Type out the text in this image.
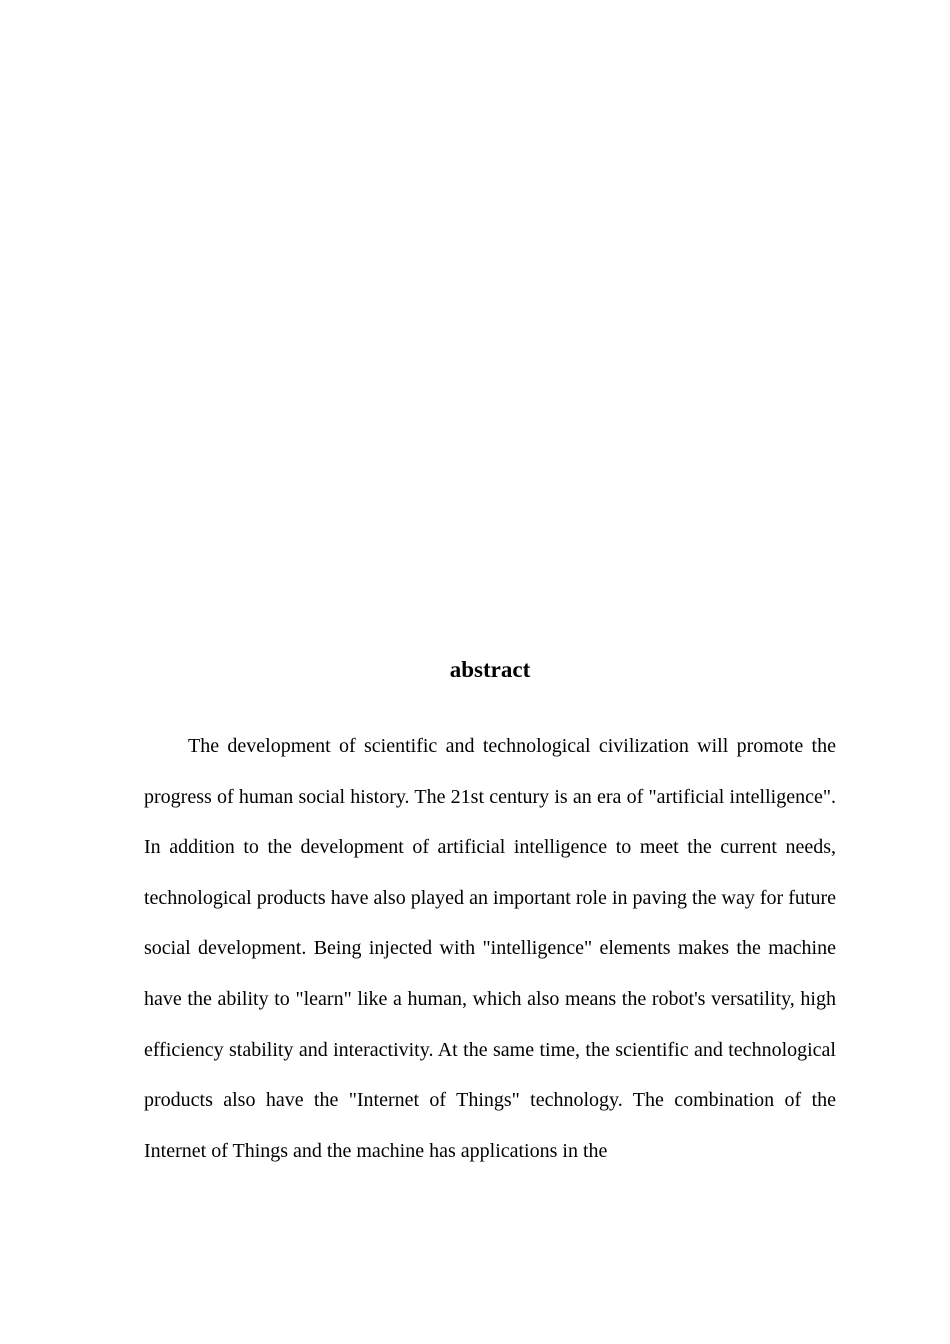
abstract

The development of scientific and technological civilization will promote the progress of human social history. The 21st century is an era of "artificial intelligence". In addition to the development of artificial intelligence to meet the current needs, technological products have also played an important role in paving the way for future social development. Being injected with "intelligence" elements makes the machine have the ability to "learn" like a human, which also means the robot's versatility, high efficiency stability and interactivity. At the same time, the scientific and technological products also have the "Internet of Things" technology. The combination of the Internet of Things and the machine has applications in the
